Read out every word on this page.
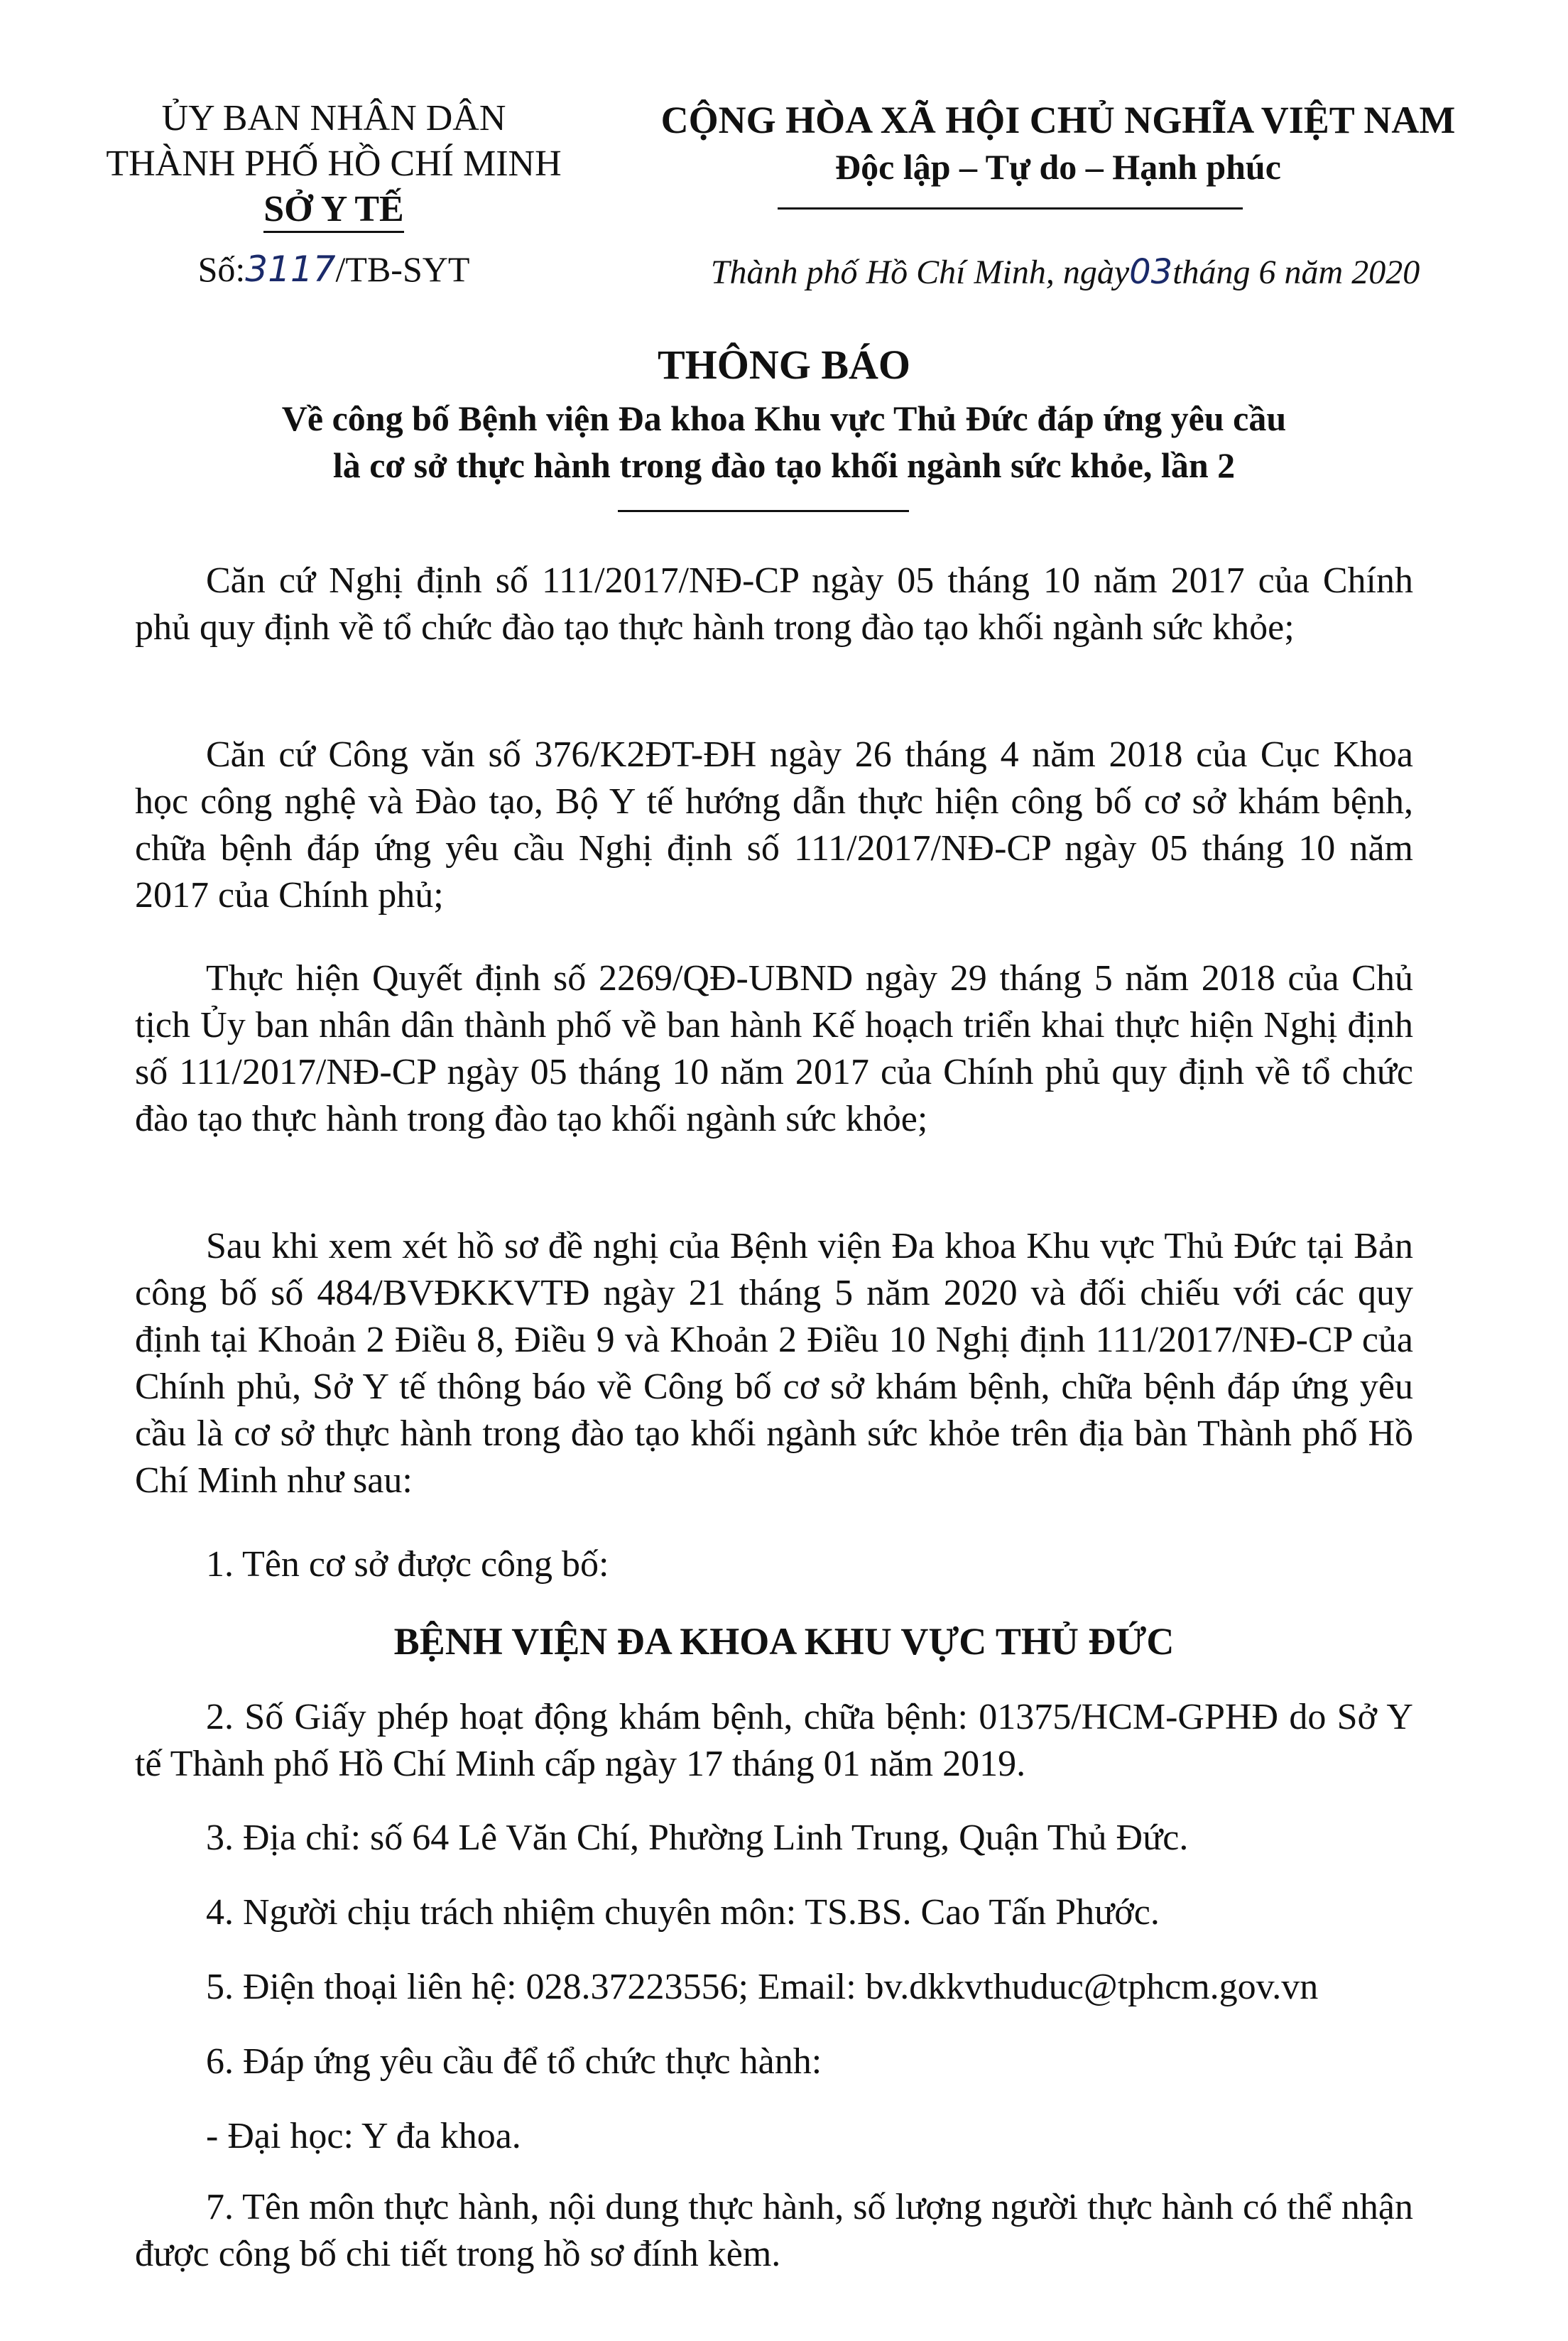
ỦY BAN NHÂN DÂN
THÀNH PHỐ HỒ CHÍ MINH
SỞ Y TẾ
Số:3117/TB-SYT
CỘNG HÒA XÃ HỘI CHỦ NGHĨA VIỆT NAM
Độc lập – Tự do – Hạnh phúc
Thành phố Hồ Chí Minh, ngày03tháng 6 năm 2020
THÔNG BÁO
Về công bố Bệnh viện Đa khoa Khu vực Thủ Đức đáp ứng yêu cầu
là cơ sở thực hành trong đào tạo khối ngành sức khỏe, lần 2
Căn cứ Nghị định số 111/2017/NĐ-CP ngày 05 tháng 10 năm 2017 của Chính phủ quy định về tổ chức đào tạo thực hành trong đào tạo khối ngành sức khỏe;
Căn cứ Công văn số 376/K2ĐT-ĐH ngày 26 tháng 4 năm 2018 của Cục Khoa học công nghệ và Đào tạo, Bộ Y tế hướng dẫn thực hiện công bố cơ sở khám bệnh, chữa bệnh đáp ứng yêu cầu Nghị định số 111/2017/NĐ-CP ngày 05 tháng 10 năm 2017 của Chính phủ;
Thực hiện Quyết định số 2269/QĐ-UBND ngày 29 tháng 5 năm 2018 của Chủ tịch Ủy ban nhân dân thành phố về ban hành Kế hoạch triển khai thực hiện Nghị định số 111/2017/NĐ-CP ngày 05 tháng 10 năm 2017 của Chính phủ quy định về tổ chức đào tạo thực hành trong đào tạo khối ngành sức khỏe;
Sau khi xem xét hồ sơ đề nghị của Bệnh viện Đa khoa Khu vực Thủ Đức tại Bản công bố số 484/BVĐKKVTĐ ngày 21 tháng 5 năm 2020 và đối chiếu với các quy định tại Khoản 2 Điều 8, Điều 9 và Khoản 2 Điều 10 Nghị định 111/2017/NĐ-CP của Chính phủ, Sở Y tế thông báo về Công bố cơ sở khám bệnh, chữa bệnh đáp ứng yêu cầu là cơ sở thực hành trong đào tạo khối ngành sức khỏe trên địa bàn Thành phố Hồ Chí Minh như sau:
1. Tên cơ sở được công bố:
BỆNH VIỆN ĐA KHOA KHU VỰC THỦ ĐỨC
2. Số Giấy phép hoạt động khám bệnh, chữa bệnh: 01375/HCM-GPHĐ do Sở Y tế Thành phố Hồ Chí Minh cấp ngày 17 tháng 01 năm 2019.
3. Địa chỉ: số 64 Lê Văn Chí, Phường Linh Trung, Quận Thủ Đức.
4. Người chịu trách nhiệm chuyên môn: TS.BS. Cao Tấn Phước.
5. Điện thoại liên hệ: 028.37223556; Email: bv.dkkvthuduc@tphcm.gov.vn
6. Đáp ứng yêu cầu để tổ chức thực hành:
- Đại học: Y đa khoa.
7. Tên môn thực hành, nội dung thực hành, số lượng người thực hành có thể nhận được công bố chi tiết trong hồ sơ đính kèm.
